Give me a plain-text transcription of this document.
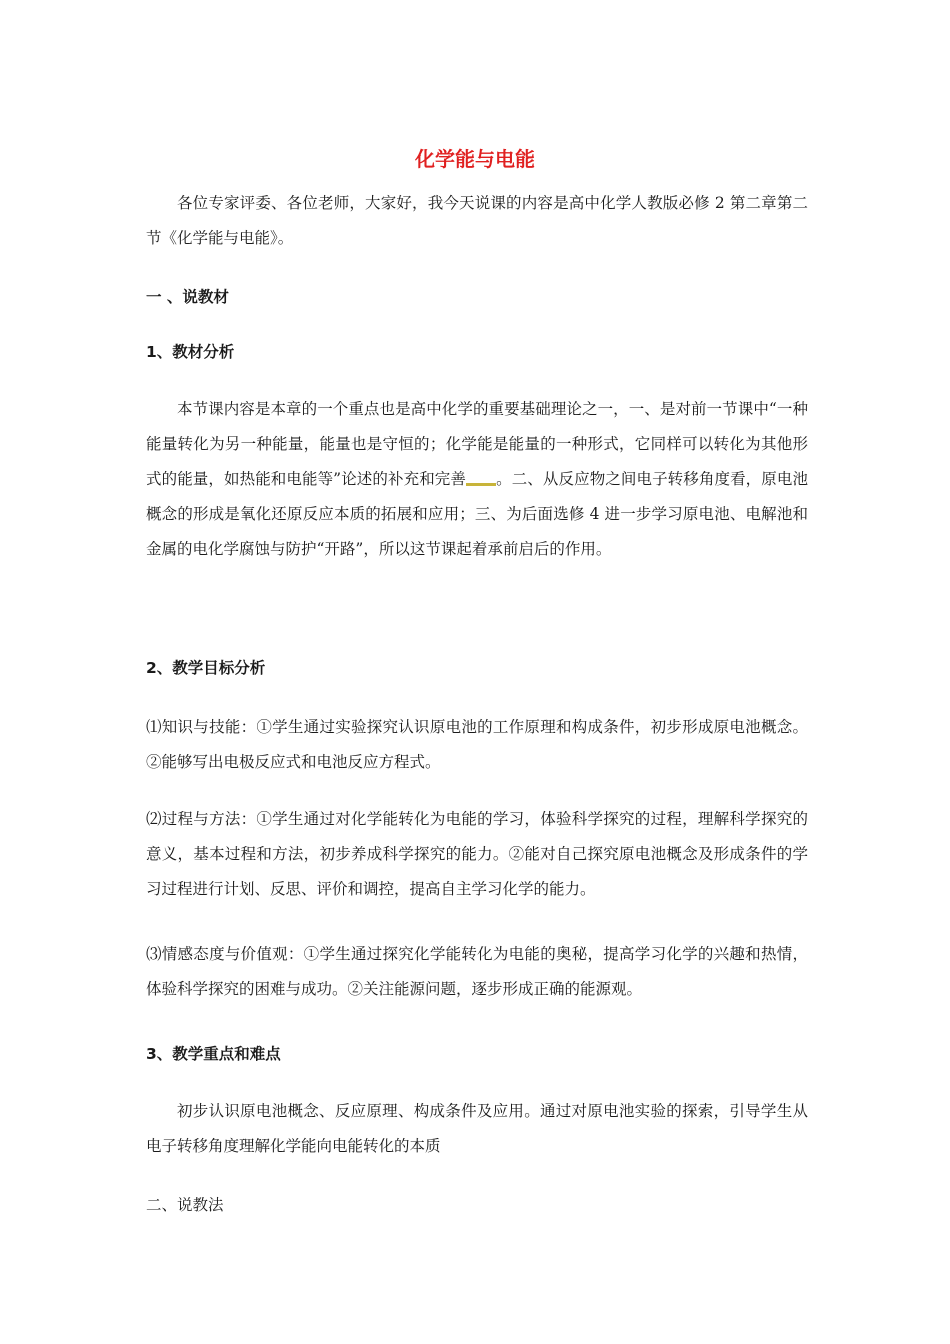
化学能与电能

各位专家评委、各位老师，大家好，我今天说课的内容是高中化学人教版必修 2 第二章第二节《化学能与电能》。

一 、说教材

1、教材分析

本节课内容是本章的一个重点也是高中化学的重要基础理论之一，一、是对前一节课中“一种能量转化为另一种能量，能量也是守恒的；化学能是能量的一种形式，它同样可以转化为其他形式的能量，如热能和电能等”论述的补充和完善 。二、从反应物之间电子转移角度看，原电池概念的形成是氧化还原反应本质的拓展和应用；三、为后面选修 4 进一步学习原电池、电解池和金属的电化学腐蚀与防护“开路”，所以这节课起着承前启后的作用。

2、教学目标分析

⑴知识与技能：①学生通过实验探究认识原电池的工作原理和构成条件，初步形成原电池概念。②能够写出电极反应式和电池反应方程式。

⑵过程与方法：①学生通过对化学能转化为电能的学习，体验科学探究的过程，理解科学探究的意义，基本过程和方法，初步养成科学探究的能力。②能对自己探究原电池概念及形成条件的学习过程进行计划、反思、评价和调控，提高自主学习化学的能力。

⑶情感态度与价值观：①学生通过探究化学能转化为电能的奥秘，提高学习化学的兴趣和热情，体验科学探究的困难与成功。②关注能源问题，逐步形成正确的能源观。

3、教学重点和难点

初步认识原电池概念、反应原理、构成条件及应用。通过对原电池实验的探索，引导学生从电子转移角度理解化学能向电能转化的本质

二、说教法
